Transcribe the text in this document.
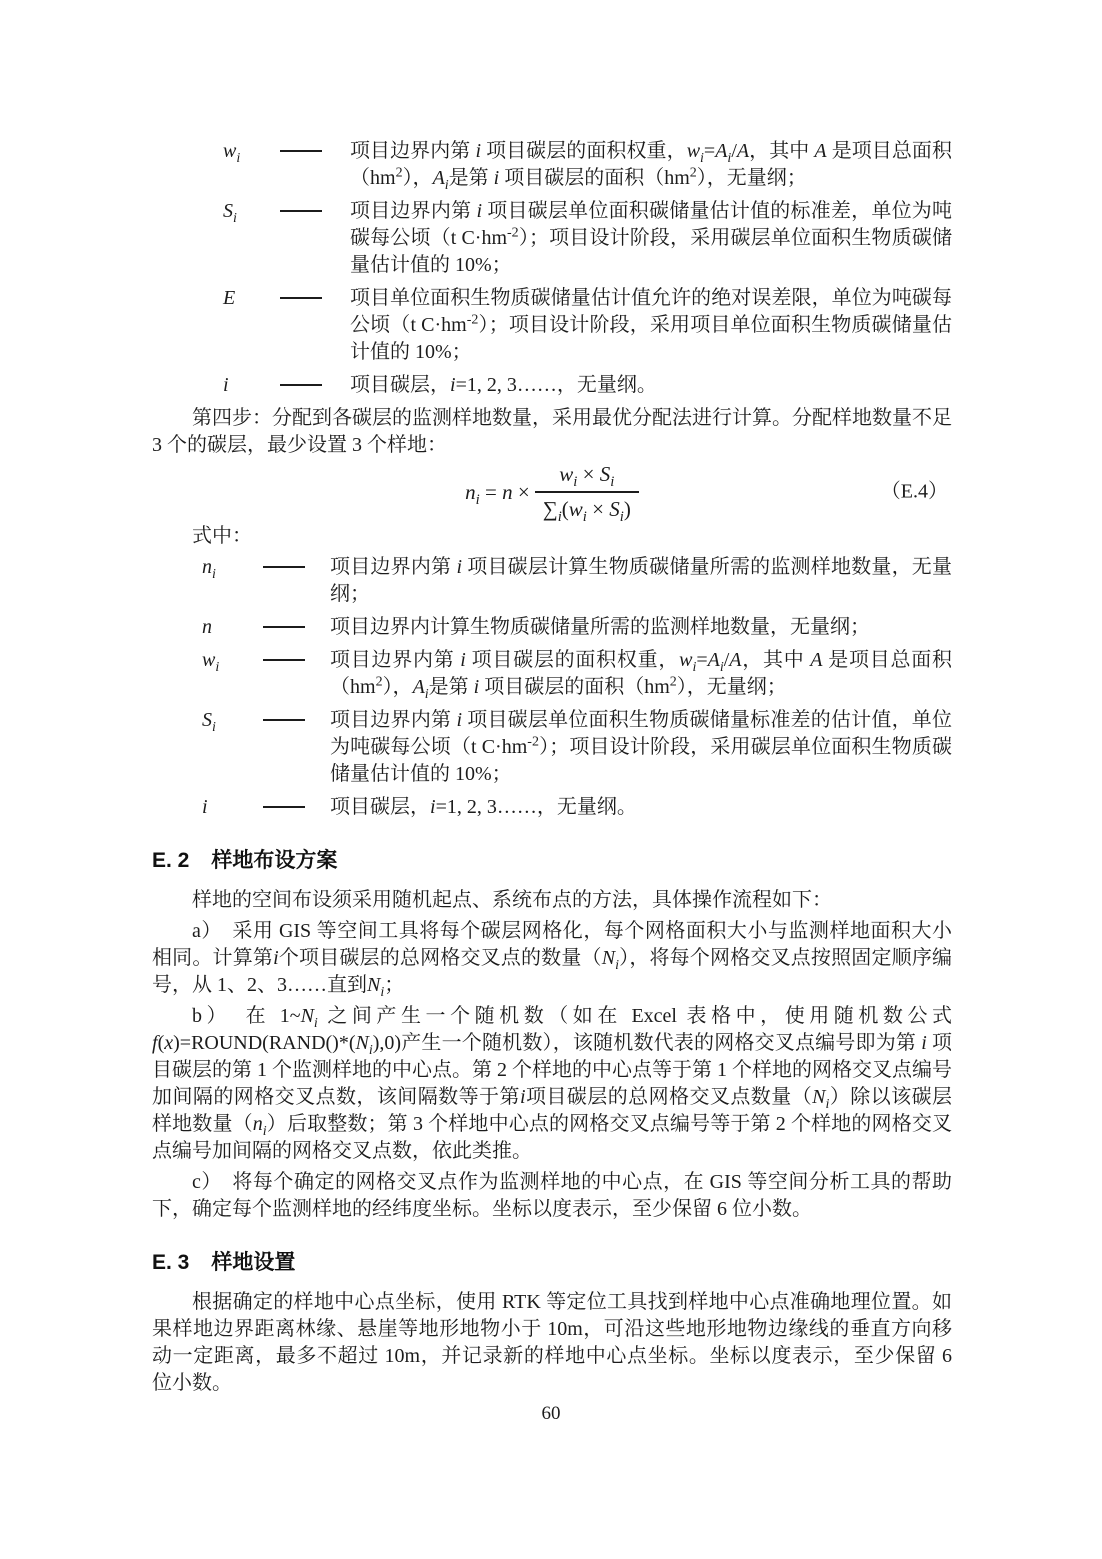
$w_i$	项目边界内第 i 项目碳层的面积权重，$w_i=A_i/A$，其中 A 是项目总面积$(hm^2)$，$A_i$是第 i 项目碳层的面积$(hm^2)$，无量纲；
$S_i$	项目边界内第 i 项目碳层单位面积碳储量估计值的标准差，单位为吨碳每公顷（t $C\cdot hm^{-2}$）；项目设计阶段，采用碳层单位面积生物质碳储量估计值的 10%；
E	项目单位面积生物质碳储量估计值允许的绝对误差限，单位为吨碳每公顷（t $C\cdot hm^{-2}$）；项目设计阶段，采用项目单位面积生物质碳储量估计值的 10%；
i	项目碳层，i=1, 2, 3……，无量纲。

第四步：分配到各碳层的监测样地数量，采用最优分配法进行计算。分配样地数量不足 3 个的碳层，最少设置 3 个样地：

$n_i = n \times \frac{w_i \times S_i}{\sum_i(w_i \times S_i)}$	（E.4）

式中：

$n_i$	项目边界内第 i 项目碳层计算生物质碳储量所需的监测样地数量，无量纲；
n	项目边界内计算生物质碳储量所需的监测样地数量，无量纲；
$w_i$	项目边界内第 i 项目碳层的面积权重，$w_i=A_i/A$，其中 A 是项目总面积$(hm^2)$，$A_i$是第 i 项目碳层的面积$(hm^2)$，无量纲；
$S_i$	项目边界内第 i 项目碳层单位面积生物质碳储量标准差的估计值，单位为吨碳每公顷（t $C\cdot hm^{-2}$）；项目设计阶段，采用碳层单位面积生物质碳储量估计值的 10%；
i	项目碳层，i=1, 2, 3……，无量纲。
E. 2 样地布设方案

样地的空间布设须采用随机起点、系统布点的方法，具体操作流程如下：

a）　采用 GIS 等空间工具将每个碳层网格化，每个网格面积大小与监测样地面积大小相同。计算第i个项目碳层的总网格交叉点的数量$(N_i)$，将每个网格交叉点按照固定顺序编号，从 1、2、3……直到$N_i$；

b）　在 $1\sim N_i$ 之间产生一个随机数（如在 Excel 表格中，使用随机数公式 $f(x)=ROUND(RAND()*(N_i),0)$产生一个随机数），该随机数代表的网格交叉点编号即为第 i 项目碳层的第 1 个监测样地的中心点。第 2 个样地的中心点等于第 1 个样地的网格交叉点编号加间隔的网格交叉点数，该间隔数等于第i项目碳层的总网格交叉点数量$(N_i)$除以该碳层样地数量$(n_i)$后取整数；第 3 个样地中心点的网格交叉点编号等于第 2 个样地的网格交叉点编号加间隔的网格交叉点数，依此类推。

c）　将每个确定的网格交叉点作为监测样地的中心点，在 GIS 等空间分析工具的帮助下，确定每个监测样地的经纬度坐标。坐标以度表示，至少保留 6 位小数。

E. 3 样地设置

根据确定的样地中心点坐标，使用 RTK 等定位工具找到样地中心点准确地理位置。如果样地边界距离林缘、悬崖等地形地物小于 10m，可沿这些地形地物边缘线的垂直方向移动一定距离，最多不超过 10m，并记录新的样地中心点坐标。坐标以度表示，至少保留 6 位小数。

60
